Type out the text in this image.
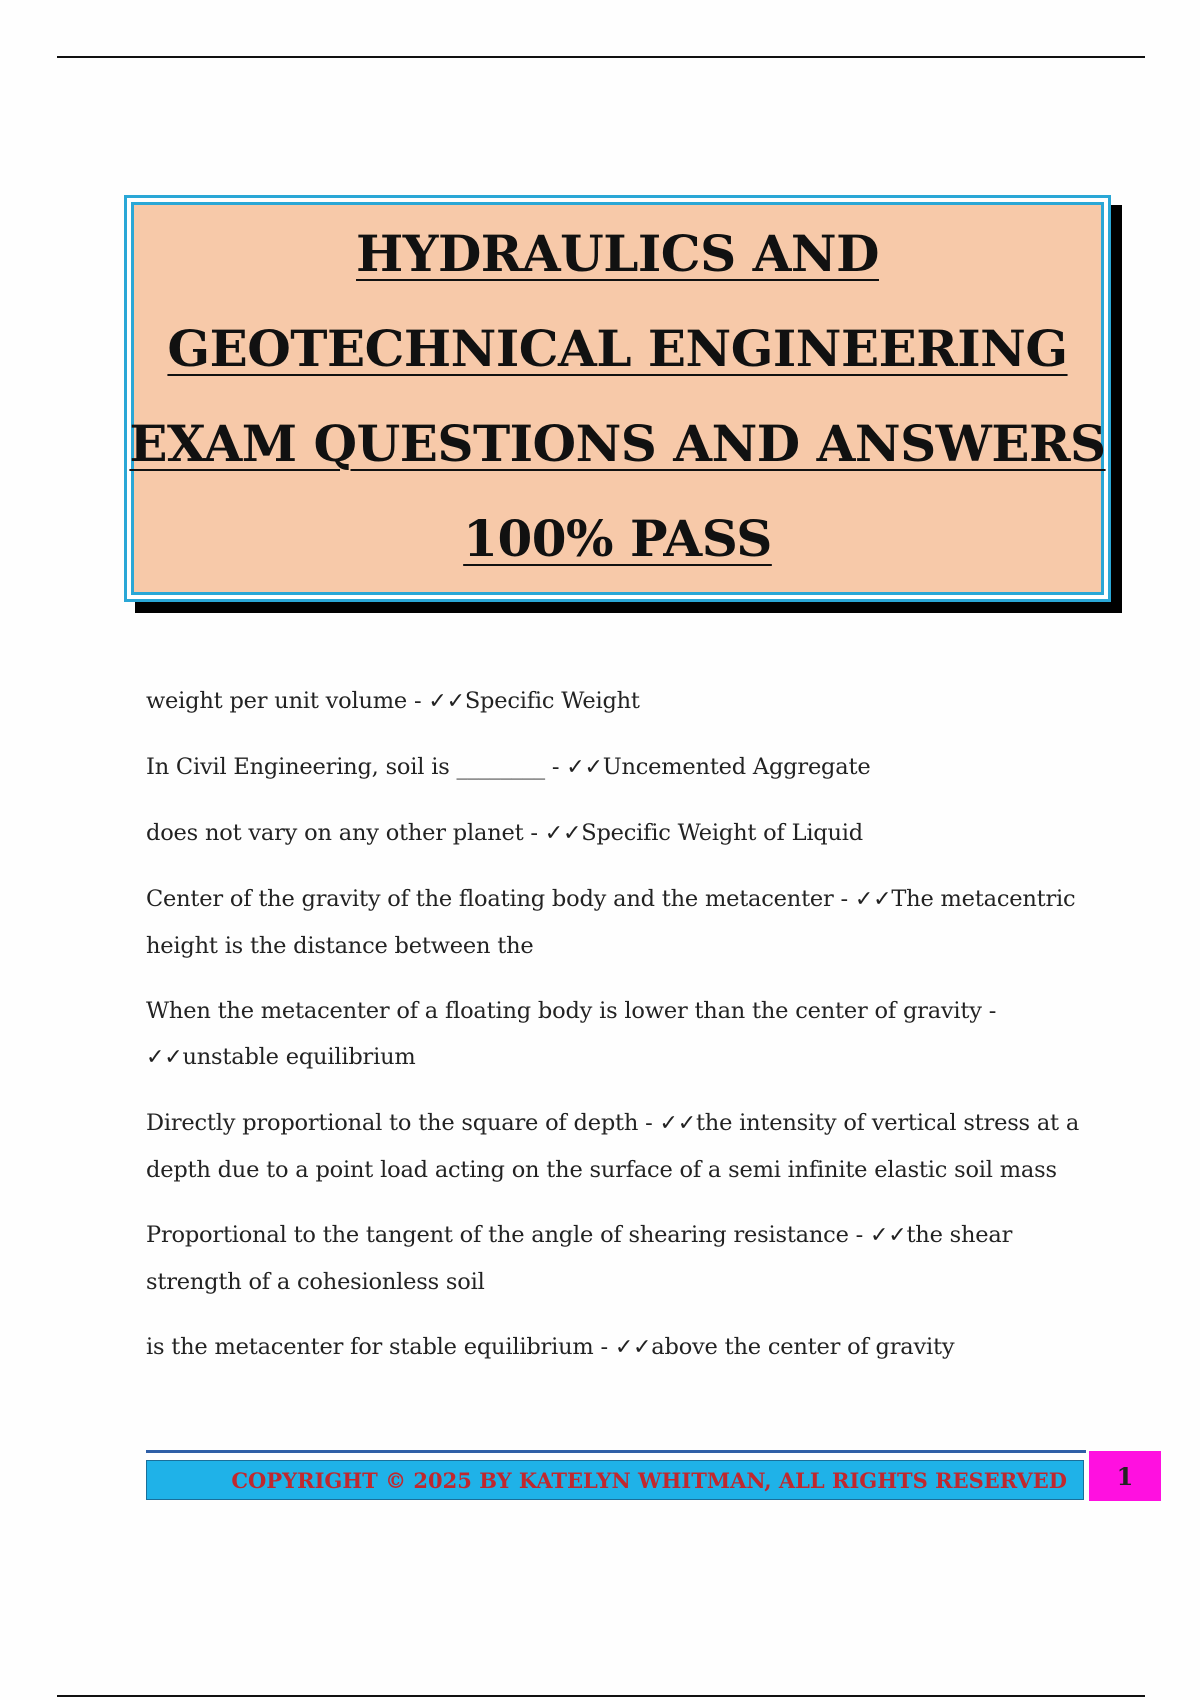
HYDRAULICS AND
GEOTECHNICAL ENGINEERING
EXAM QUESTIONS AND ANSWERS
100% PASS
weight per unit volume - ✓✓Specific Weight
In Civil Engineering, soil is ________ - ✓✓Uncemented Aggregate
does not vary on any other planet - ✓✓Specific Weight of Liquid
Center of the gravity of the floating body and the metacenter - ✓✓The metacentric height is the distance between the
When the metacenter of a floating body is lower than the center of gravity - ✓✓unstable equilibrium
Directly proportional to the square of depth - ✓✓the intensity of vertical stress at a depth due to a point load acting on the surface of a semi infinite elastic soil mass
Proportional to the tangent of the angle of shearing resistance - ✓✓the shear strength of a cohesionless soil
is the metacenter for stable equilibrium - ✓✓above the center of gravity
COPYRIGHT © 2025 BY KATELYN WHITMAN, ALL RIGHTS RESERVED	1
